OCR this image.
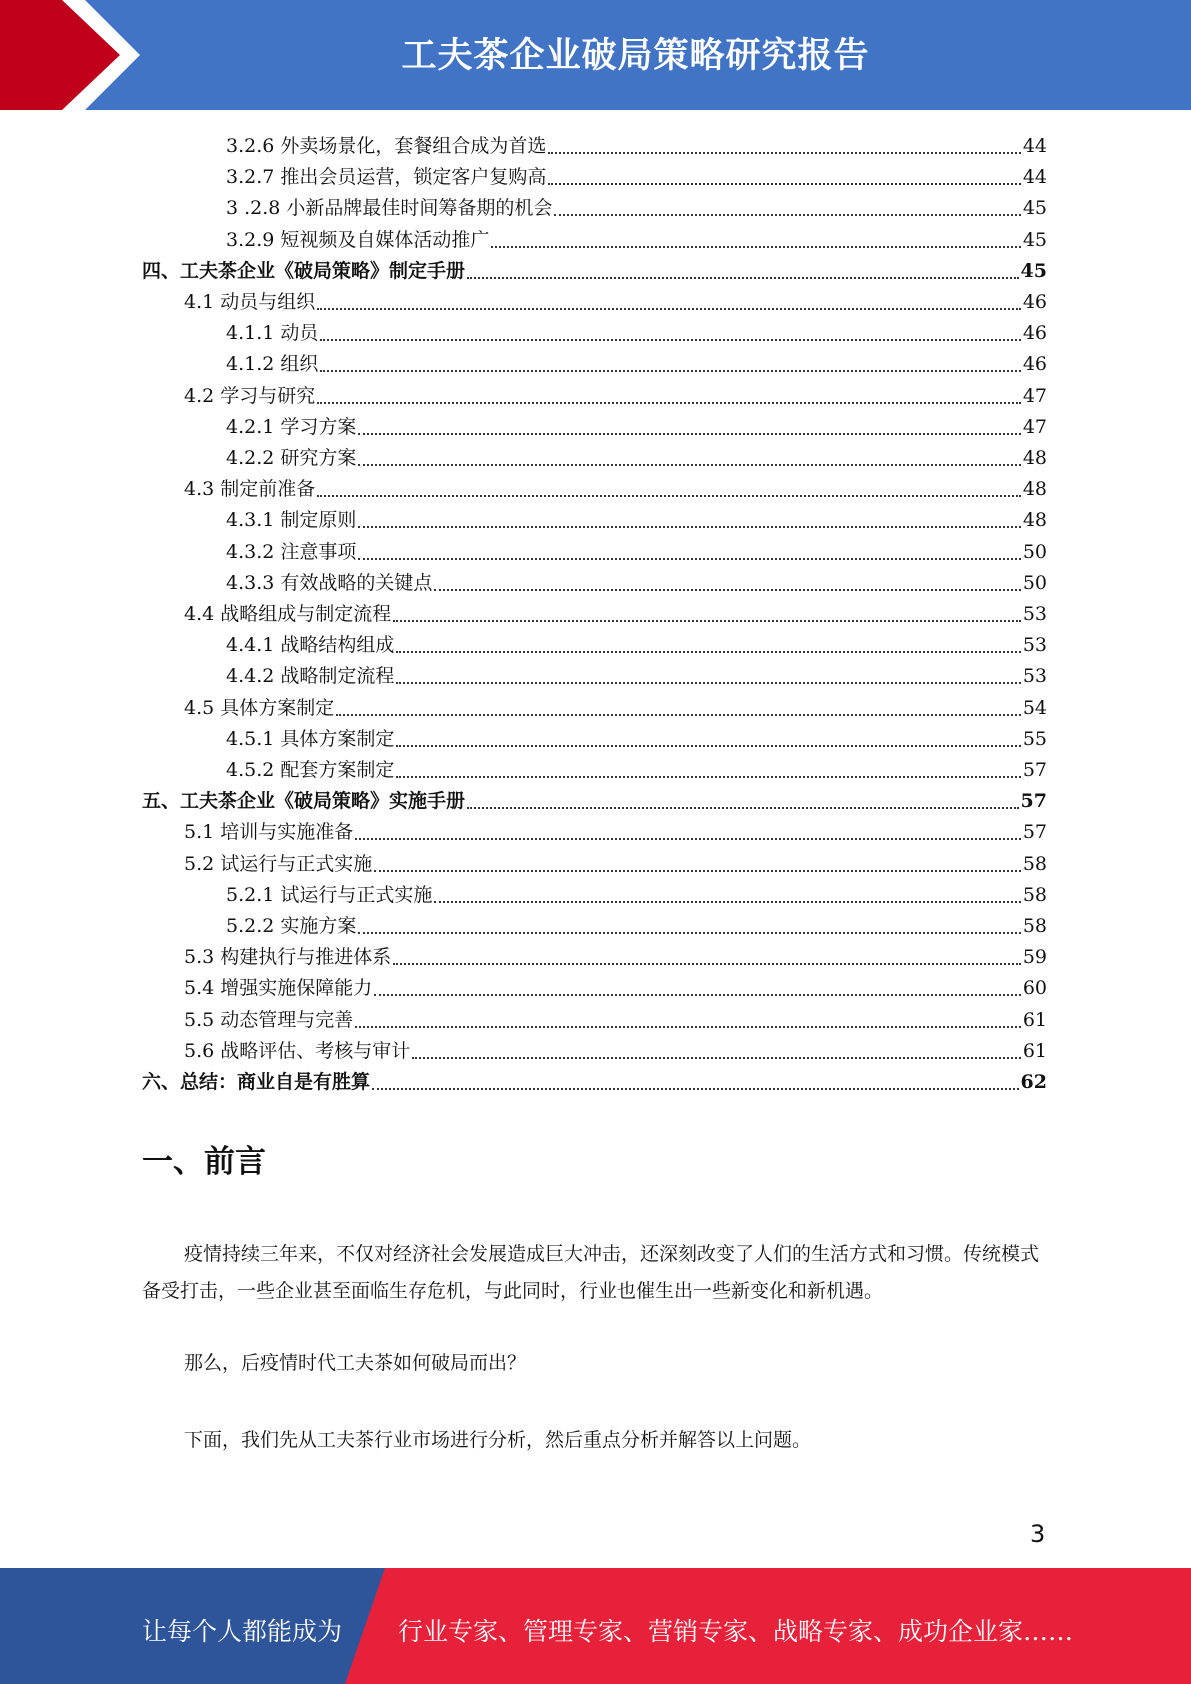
工夫茶企业破局策略研究报告
3.2.6 外卖场景化，套餐组合成为首选	44
3.2.7 推出会员运营，锁定客户复购高	44
3 .2.8 小新品牌最佳时间筹备期的机会	45
3.2.9 短视频及自媒体活动推广	45
四、工夫茶企业《破局策略》制定手册	45
4.1 动员与组织	46
4.1.1 动员	46
4.1.2 组织	46
4.2 学习与研究	47
4.2.1 学习方案	47
4.2.2 研究方案	48
4.3 制定前准备	48
4.3.1 制定原则	48
4.3.2 注意事项	50
4.3.3 有效战略的关键点	50
4.4 战略组成与制定流程	53
4.4.1 战略结构组成	53
4.4.2 战略制定流程	53
4.5 具体方案制定	54
4.5.1 具体方案制定	55
4.5.2 配套方案制定	57
五、工夫茶企业《破局策略》实施手册	57
5.1 培训与实施准备	57
5.2 试运行与正式实施	58
5.2.1 试运行与正式实施	58
5.2.2 实施方案	58
5.3 构建执行与推进体系	59
5.4 增强实施保障能力	60
5.5 动态管理与完善	61
5.6 战略评估、考核与审计	61
六、总结：商业自是有胜算	62
一、前言
疫情持续三年来，不仅对经济社会发展造成巨大冲击，还深刻改变了人们的生活方式和习惯。传统模式备受打击，一些企业甚至面临生存危机，与此同时，行业也催生出一些新变化和新机遇。
那么，后疫情时代工夫茶如何破局而出？
下面，我们先从工夫茶行业市场进行分析，然后重点分析并解答以上问题。
3
让每个人都能成为 行业专家、管理专家、营销专家、战略专家、成功企业家……
